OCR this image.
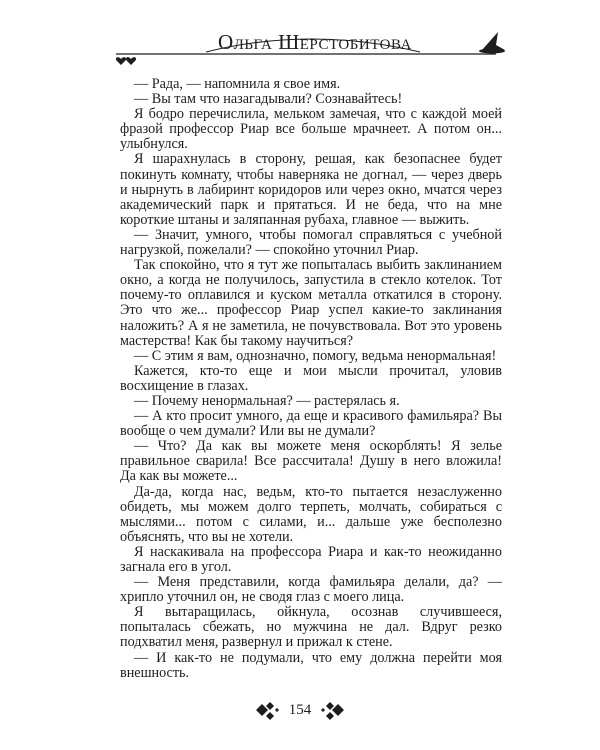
Ольга Шерстобитова

— Рада, — напомнила я свое имя.

— Вы там что назагадывали? Сознавайтесь!

Я бодро перечислила, мельком замечая, что с каждой моей фразой профессор Риар все больше мрачнеет. А потом он... улыбнулся.

Я шарахнулась в сторону, решая, как безопаснее будет покинуть комнату, чтобы наверняка не догнал, — через дверь и нырнуть в лабиринт коридоров или через окно, мчатся через академический парк и прятаться. И не беда, что на мне короткие штаны и заляпанная рубаха, главное — выжить.

— Значит, умного, чтобы помогал справляться с учебной нагрузкой, пожелали? — спокойно уточнил Риар.

Так спокойно, что я тут же попыталась выбить заклинанием окно, а когда не получилось, запустила в стекло котелок. Тот почему-то оплавился и куском металла откатился в сторону. Это что же... профессор Риар успел какие-то заклинания наложить? А я не заметила, не почувствовала. Вот это уровень мастерства! Как бы такому научиться?

— С этим я вам, однозначно, помогу, ведьма ненормальная!

Кажется, кто-то еще и мои мысли прочитал, уловив восхищение в глазах.

— Почему ненормальная? — растерялась я.

— А кто просит умного, да еще и красивого фамильяра? Вы вообще о чем думали? Или вы не думали?

— Что? Да как вы можете меня оскорблять! Я зелье правильное сварила! Все рассчитала! Душу в него вложила! Да как вы можете...

Да-да, когда нас, ведьм, кто-то пытается незаслуженно обидеть, мы можем долго терпеть, молчать, собираться с мыслями... потом с силами, и... дальше уже бесполезно объяснять, что вы не хотели.

Я наскакивала на профессора Риара и как-то неожиданно загнала его в угол.

— Меня представили, когда фамильяра делали, да? — хрипло уточнил он, не сводя глаз с моего лица.

Я вытаращилась, ойкнула, осознав случившееся, попыталась сбежать, но мужчина не дал. Вдруг резко подхватил меня, развернул и прижал к стене.

— И как-то не подумали, что ему должна перейти моя внешность.

154
